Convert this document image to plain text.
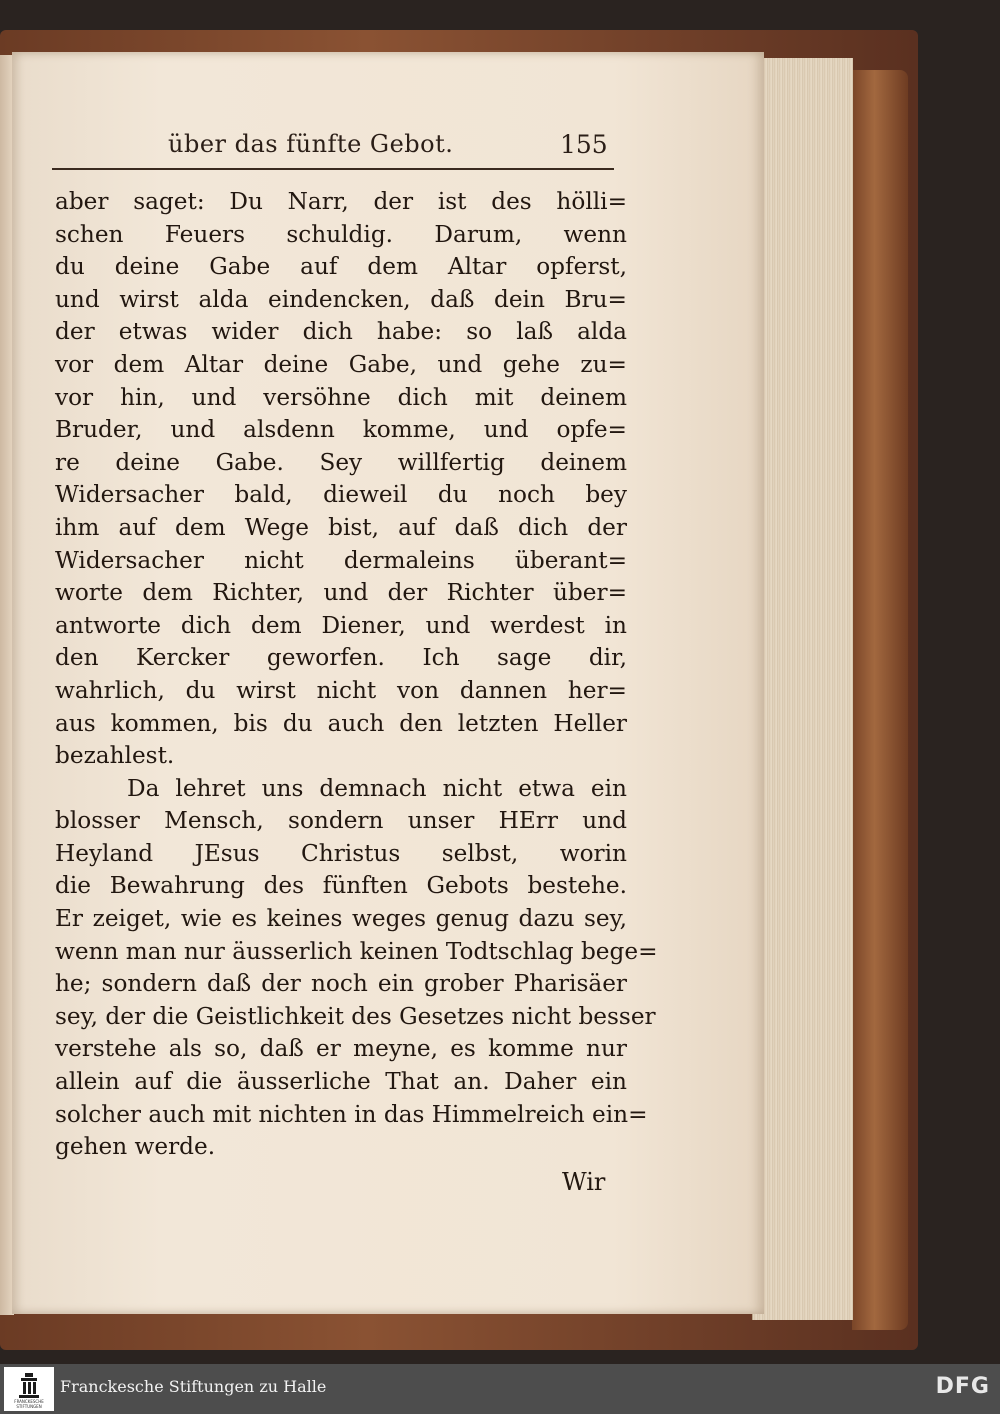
über das fünfte Gebot.	155
aber saget: Du Narr, der ist des hölli=
schen Feuers schuldig. Darum, wenn
du deine Gabe auf dem Altar opferst,
und wirst alda eindencken, daß dein Bru=
der etwas wider dich habe: so laß alda
vor dem Altar deine Gabe, und gehe zu=
vor hin, und versöhne dich mit deinem
Bruder, und alsdenn komme, und opfe=
re deine Gabe. Sey willfertig deinem
Widersacher bald, dieweil du noch bey
ihm auf dem Wege bist, auf daß dich der
Widersacher nicht dermaleins überant=
worte dem Richter, und der Richter über=
antworte dich dem Diener, und werdest in
den Kercker geworfen. Ich sage dir,
wahrlich, du wirst nicht von dannen her=
aus kommen, bis du auch den letzten Heller
bezahlest.
Da lehret uns demnach nicht etwa ein
blosser Mensch, sondern unser HErr und
Heyland JEsus Christus selbst, worin
die Bewahrung des fünften Gebots bestehe.
Er zeiget, wie es keines weges genug dazu sey,
wenn man nur äusserlich keinen Todtschlag bege=
he; sondern daß der noch ein grober Pharisäer
sey, der die Geistlichkeit des Gesetzes nicht besser
verstehe als so, daß er meyne, es komme nur
allein auf die äusserliche That an. Daher ein
solcher auch mit nichten in das Himmelreich ein=
gehen werde.
Wir
FRANCKESCHE STIFTUNGEN
Franckesche Stiftungen zu Halle	DFG
